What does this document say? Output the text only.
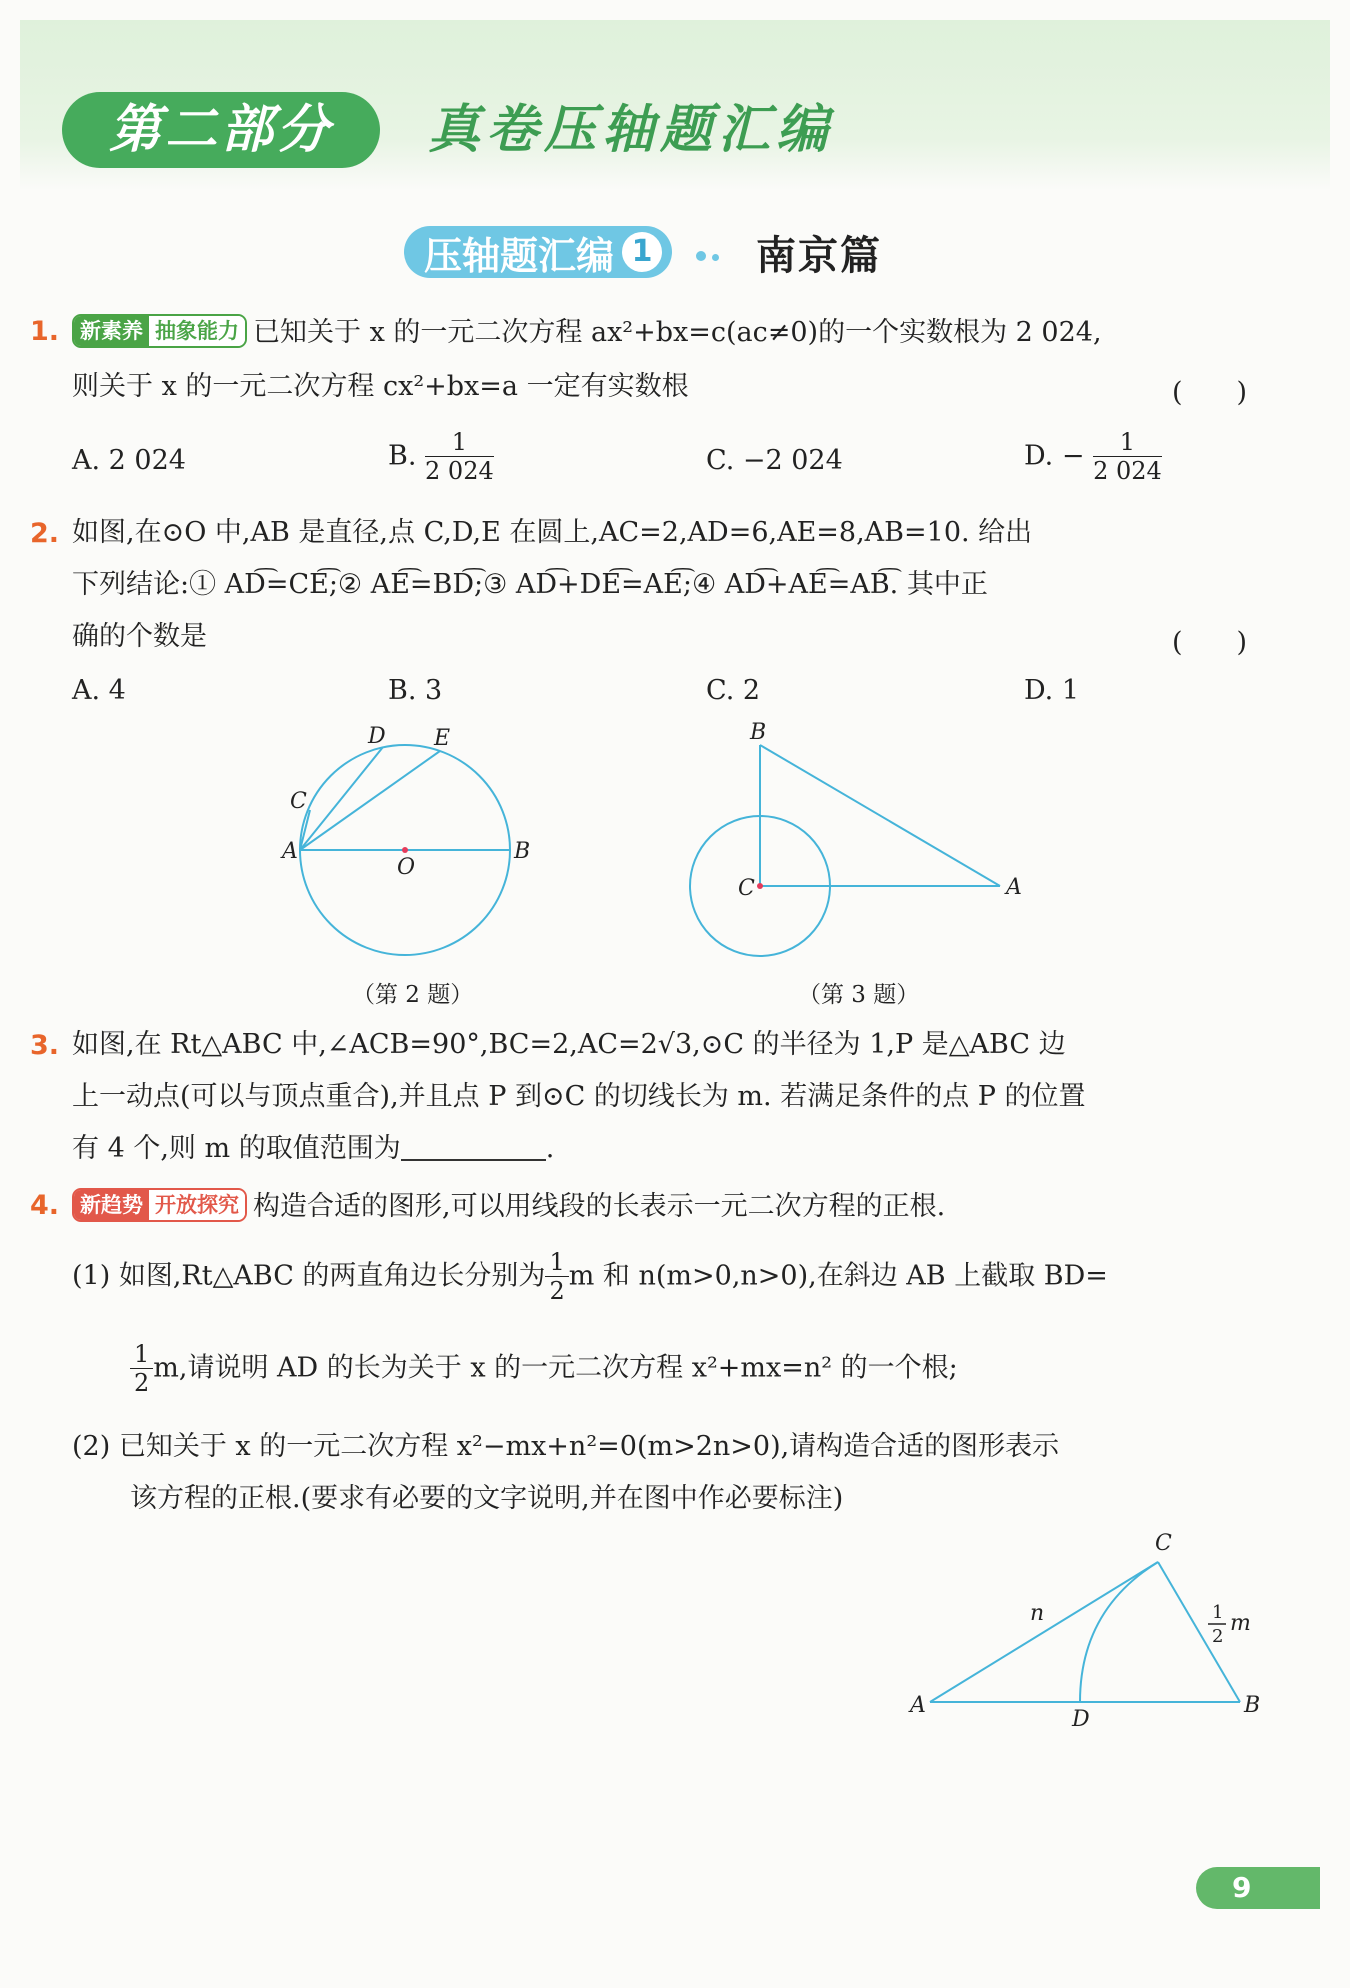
第二部分	真卷压轴题汇编
压轴题汇编 1	南京篇
1. 新素养 抽象能力 已知关于 x 的一元二次方程 ax²+bx=c(ac≠0)的一个实数根为 2 024,
则关于 x 的一元二次方程 cx²+bx=a 一定有实数根	(　　)
A. 2 024	B. $\frac{1}{2 024}$	C. −2 024	D. − $\frac{1}{2 024}$
2. 如图,在⊙O 中,AB 是直径,点 C,D,E 在圆上,AC=2,AD=6,AE=8,AB=10. 给出
下列结论:① AD͡=CE͡;② AE͡=BD͡;③ AD͡+DE͡=AE͡;④ AD͡+AE͡=AB͡. 其中正
确的个数是	(　　)
A. 4	B. 3	C. 2	D. 1
D E
C
A
O
B
（第 2 题）
B
C	A
（第 3 题）
3. 如图,在 Rt△ABC 中,∠ACB=90°,BC=2,AC=2√3,⊙C 的半径为 1,P 是△ABC 边
上一动点(可以与顶点重合),并且点 P 到⊙C 的切线长为 m. 若满足条件的点 P 的位置
有 4 个,则 m 的取值范围为	.
4. 新趋势 开放探究 构造合适的图形,可以用线段的长表示一元二次方程的正根.
(1) 如图,Rt△ABC 的两直角边长分别为 $\frac{1}{2}$ m 和 n(m>0,n>0),在斜边 AB 上截取 BD=
$\frac{1}{2} m$,请说明 AD 的长为关于 x 的一元二次方程 x²+mx=n² 的一个根;
(2) 已知关于 x 的一元二次方程 x²−mx+n²=0(m>2n>0),请构造合适的图形表示
该方程的正根.(要求有必要的文字说明,并在图中作必要标注)
C
n	1
2
m
A
D
B
9
